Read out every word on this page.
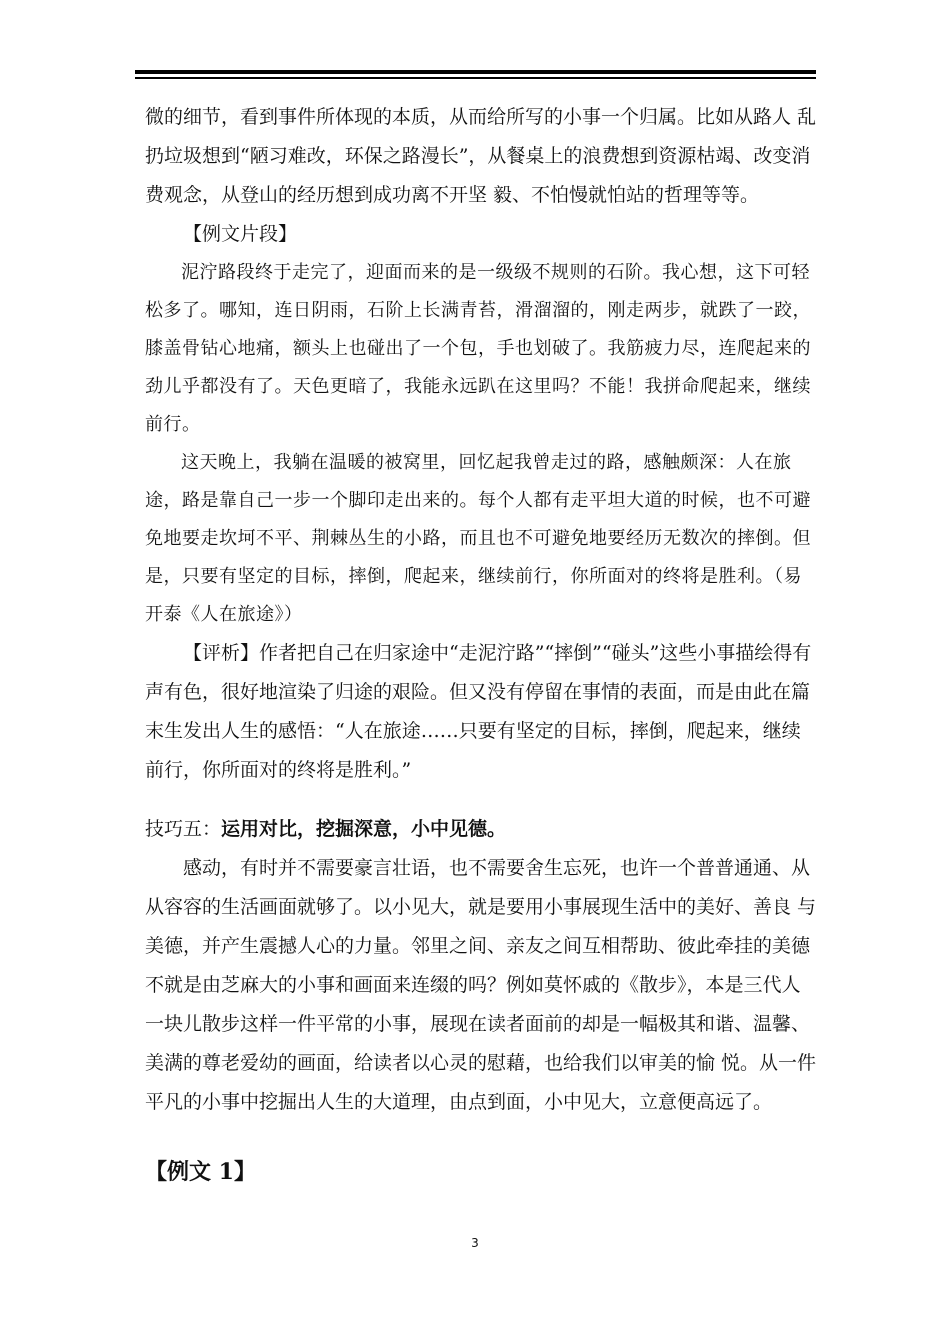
微的细节，看到事件所体现的本质，从而给所写的小事一个归属。比如从路人 乱扔垃圾想到“陋习难改，环保之路漫长”，从餐桌上的浪费想到资源枯竭、改变消费观念，从登山的经历想到成功离不开坚 毅、不怕慢就怕站的哲理等等。

【例文片段】

泥泞路段终于走完了，迎面而来的是一级级不规则的石阶。我心想，这下可轻松多了。哪知，连日阴雨，石阶上长满青苔，滑溜溜的，刚走两步，就跌了一跤，膝盖骨钻心地痛，额头上也碰出了一个包，手也划破了。我筋疲力尽，连爬起来的劲儿乎都没有了。天色更暗了，我能永远趴在这里吗？不能！我拼命爬起来，继续前行。

这天晚上，我躺在温暖的被窝里，回忆起我曾走过的路，感触颇深：人在旅途，路是靠自己一步一个脚印走出来的。每个人都有走平坦大道的时候，也不可避免地要走坎坷不平、荆棘丛生的小路，而且也不可避免地要经历无数次的摔倒。但是，只要有坚定的目标，摔倒，爬起来，继续前行，你所面对的终将是胜利。（易开泰《人在旅途》）

【评析】作者把自己在归家途中“走泥泞路”“摔倒”“碰头”这些小事描绘得有声有色，很好地渲染了归途的艰险。但又没有停留在事情的表面，而是由此在篇末生发出人生的感悟：“人在旅途……只要有坚定的目标，摔倒，爬起来，继续前行，你所面对的终将是胜利。”

技巧五：运用对比，挖掘深意，小中见德。

感动，有时并不需要豪言壮语，也不需要舍生忘死，也许一个普普通通、从从容容的生活画面就够了。以小见大，就是要用小事展现生活中的美好、善良 与美德，并产生震撼人心的力量。邻里之间、亲友之间互相帮助、彼此牵挂的美德不就是由芝麻大的小事和画面来连缀的吗？例如莫怀戚的《散步》，本是三代人一块儿散步这样一件平常的小事，展现在读者面前的却是一幅极其和谐、温馨、美满的尊老爱幼的画面，给读者以心灵的慰藉，也给我们以审美的愉 悦。从一件平凡的小事中挖掘出人生的大道理，由点到面，小中见大，立意便高远了。

【例文 1】

3
